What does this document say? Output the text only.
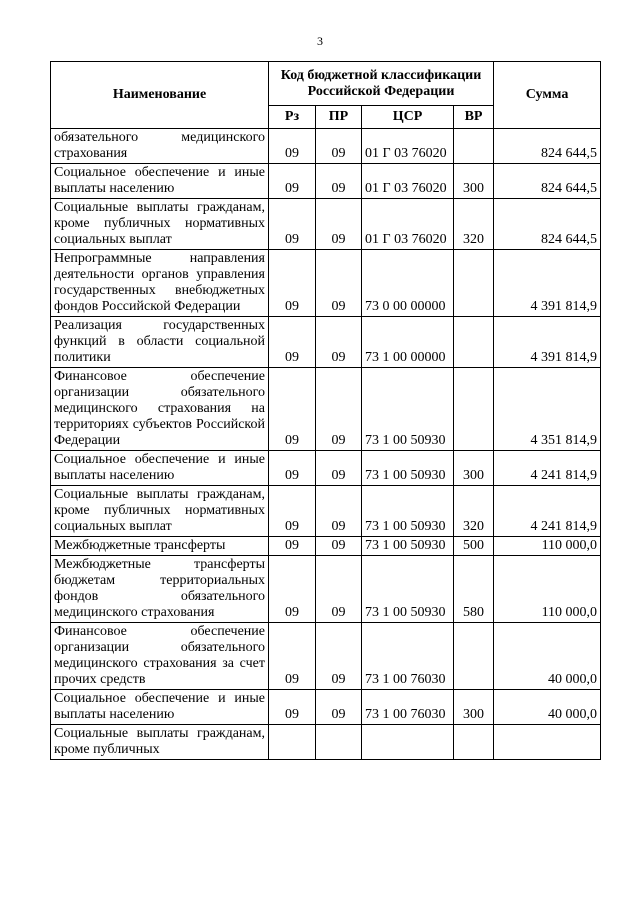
3
Наименование	Код бюджетной классификации Российской Федерации				Сумма
	Рз	ПР	ЦСР	ВР	
обязательного медицинского страхования	09	09	01 Г 03 76020		824 644,5
Социальное обеспечение и иные выплаты населению	09	09	01 Г 03 76020	300	824 644,5
Социальные выплаты гражданам, кроме публичных нормативных социальных выплат	09	09	01 Г 03 76020	320	824 644,5
Непрограммные направления деятельности органов управления государственных внебюджетных фондов Российской Федерации	09	09	73 0 00 00000		4 391 814,9
Реализация государственных функций в области социальной политики	09	09	73 1 00 00000		4 391 814,9
Финансовое обеспечение организации обязательного медицинского страхования на территориях субъектов Российской Федерации	09	09	73 1 00 50930		4 351 814,9
Социальное обеспечение и иные выплаты населению	09	09	73 1 00 50930	300	4 241 814,9
Социальные выплаты гражданам, кроме публичных нормативных социальных выплат	09	09	73 1 00 50930	320	4 241 814,9
Межбюджетные трансферты	09	09	73 1 00 50930	500	110 000,0
Межбюджетные трансферты бюджетам территориальных фондов обязательного медицинского страхования	09	09	73 1 00 50930	580	110 000,0
Финансовое обеспечение организации обязательного медицинского страхования за счет прочих средств	09	09	73 1 00 76030		40 000,0
Социальное обеспечение и иные выплаты населению	09	09	73 1 00 76030	300	40 000,0
Социальные выплаты гражданам, кроме публичных					
